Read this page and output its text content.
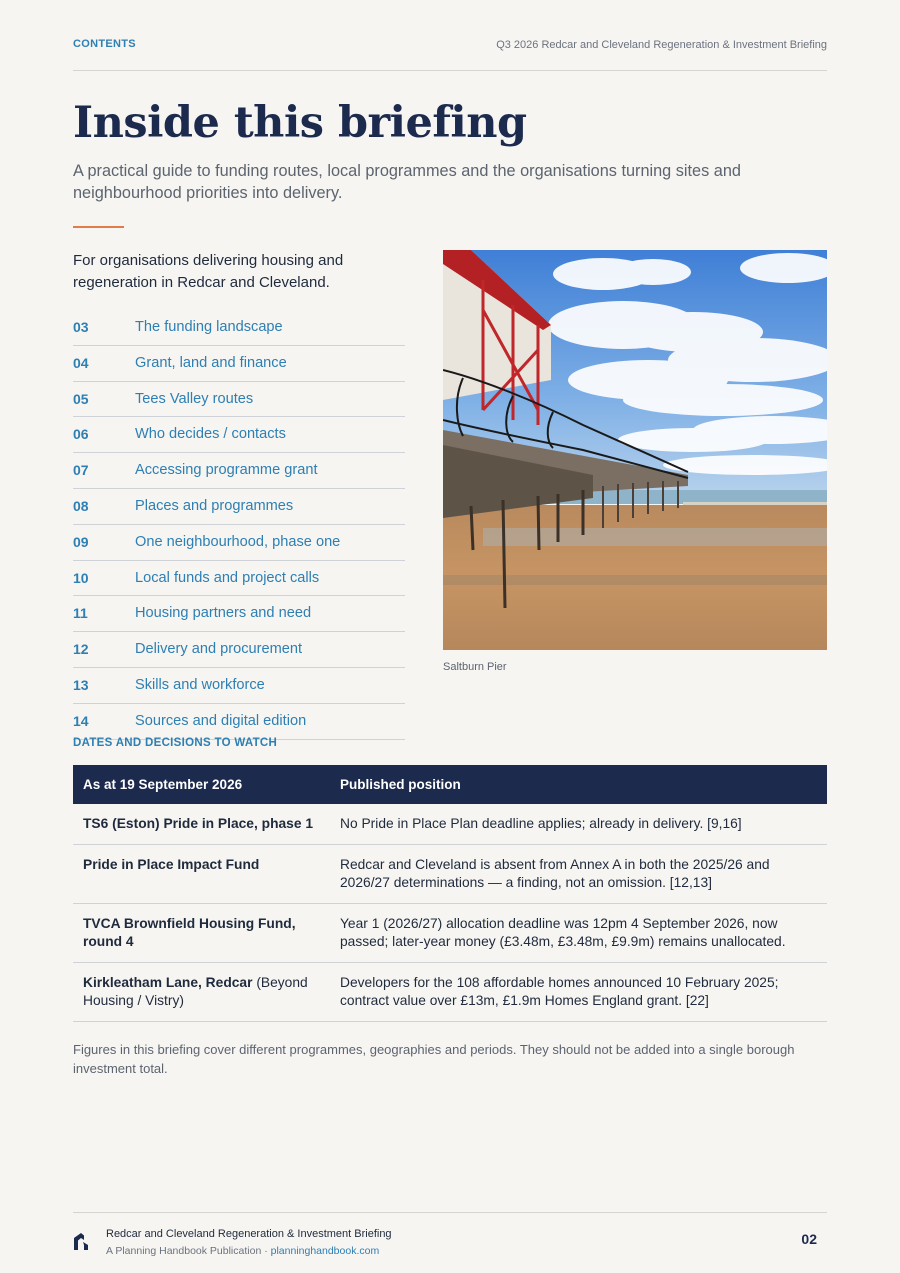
CONTENTS	Q3 2026 Redcar and Cleveland Regeneration & Investment Briefing
Inside this briefing

A practical guide to funding routes, local programmes and the organisations turning sites and neighbourhood priorities into delivery.

For organisations delivering housing and regeneration in Redcar and Cleveland.

03	The funding landscape
04	Grant, land and finance
05	Tees Valley routes
06	Who decides / contacts
07	Accessing programme grant
08	Places and programmes
09	One neighbourhood, phase one
10	Local funds and project calls
11	Housing partners and need
12	Delivery and procurement
13	Skills and workforce
14	Sources and digital edition
Saltburn Pier
DATES AND DECISIONS TO WATCH
As at 19 September 2026	Published position
TS6 (Eston) Pride in Place, phase 1	No Pride in Place Plan deadline applies; already in delivery. [9,16]
Pride in Place Impact Fund	Redcar and Cleveland is absent from Annex A in both the 2025/26 and 2026/27 determinations — a finding, not an omission. [12,13]
TVCA Brownfield Housing Fund, round 4	Year 1 (2026/27) allocation deadline was 12pm 4 September 2026, now passed; later-year money (£3.48m, £3.48m, £9.9m) remains unallocated.
Kirkleatham Lane, Redcar (Beyond Housing / Vistry)	Developers for the 108 affordable homes announced 10 February 2025; contract value over £13m, £1.9m Homes England grant. [22]

Figures in this briefing cover different programmes, geographies and periods. They should not be added into a single borough investment total.

Redcar and Cleveland Regeneration & Investment Briefing
A Planning Handbook Publication · planninghandbook.com
02
